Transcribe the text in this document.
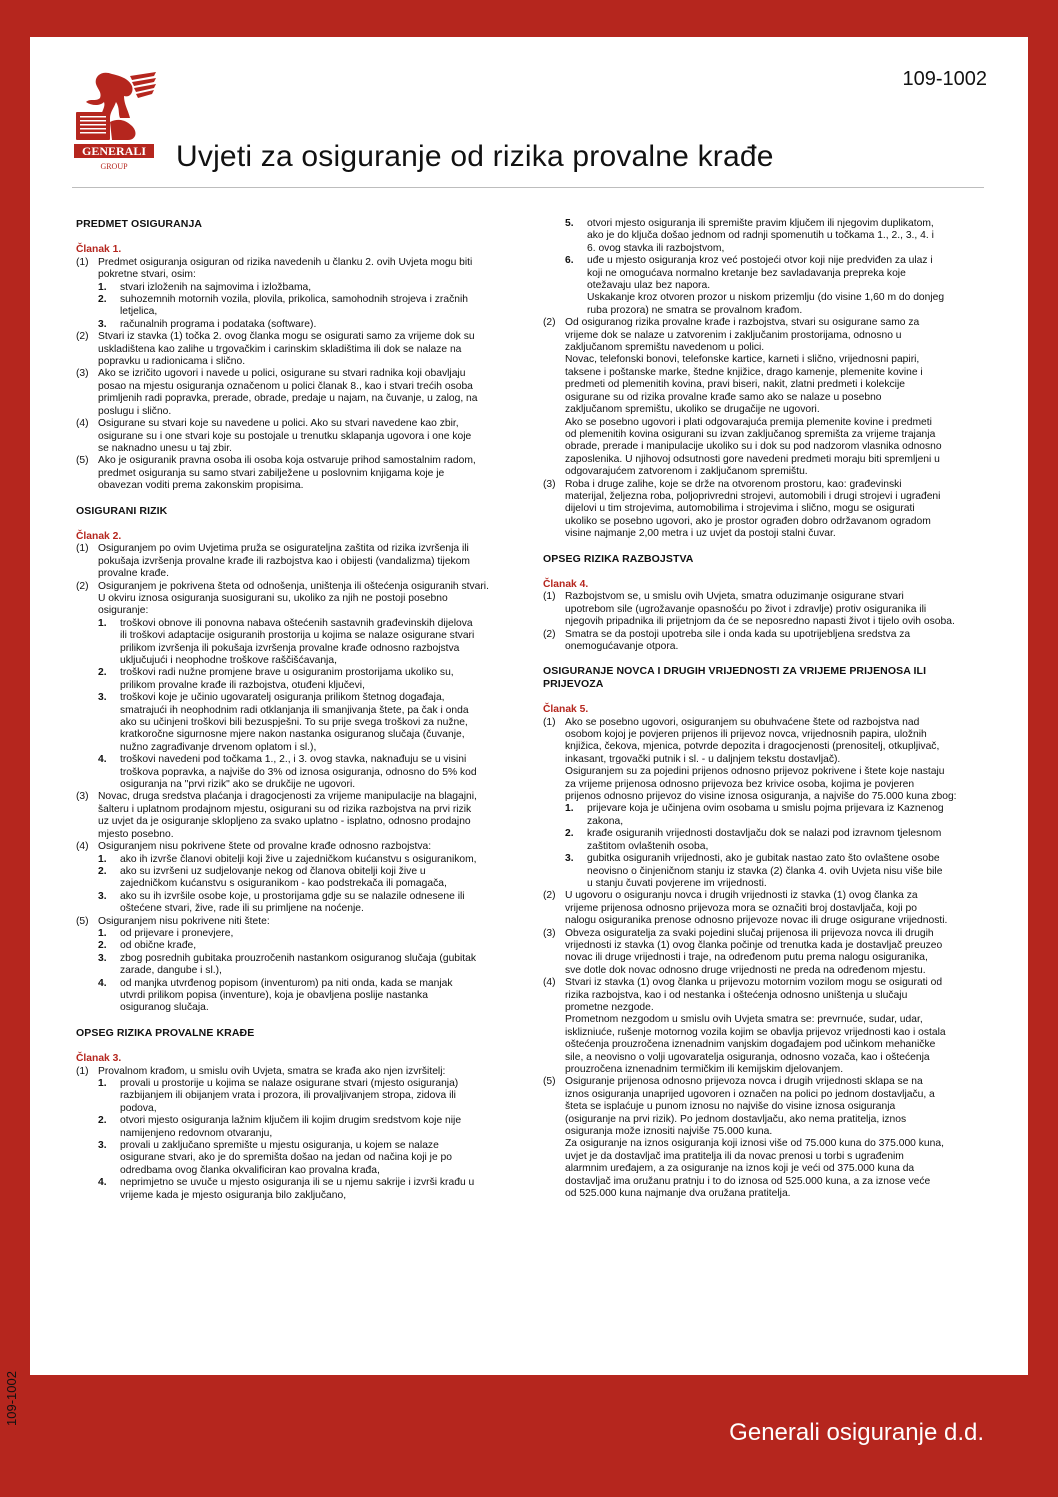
GENERALI
GROUP
109-1002
Uvjeti za osiguranje od rizika provalne krađe
PREDMET OSIGURANJA
Članak 1.
(1) Predmet osiguranja osiguran od rizika navedenih u članku 2. ovih Uvjeta mogu biti
pokretne stvari, osim:
1. stvari izloženih na sajmovima i izložbama,
2. suhozemnih motornih vozila, plovila, prikolica, samohodnih strojeva i zračnih
letjelica,
3. računalnih programa i podataka (software).
(2) Stvari iz stavka (1) točka 2. ovog članka mogu se osigurati samo za vrijeme dok su
uskladištena kao zalihe u trgovačkim i carinskim skladištima ili dok se nalaze na
popravku u radionicama i slično.
(3) Ako se izričito ugovori i navede u polici, osigurane su stvari radnika koji obavljaju
posao na mjestu osiguranja označenom u polici članak 8., kao i stvari trećih osoba
primljenih radi popravka, prerade, obrade, predaje u najam, na čuvanje, u zalog, na
poslugu i slično.
(4) Osigurane su stvari koje su navedene u polici. Ako su stvari navedene kao zbir,
osigurane su i one stvari koje su postojale u trenutku sklapanja ugovora i one koje
se naknadno unesu u taj zbir.
(5) Ako je osiguranik pravna osoba ili osoba koja ostvaruje prihod samostalnim radom,
predmet osiguranja su samo stvari zabilježene u poslovnim knjigama koje je
obavezan voditi prema zakonskim propisima.
OSIGURANI RIZIK
Članak 2.
(1) Osiguranjem po ovim Uvjetima pruža se osigurateljna zaštita od rizika izvršenja ili
pokušaja izvršenja provalne krađe ili razbojstva kao i obijesti (vandalizma) tijekom
provalne krađe.
(2) Osiguranjem je pokrivena šteta od odnošenja, uništenja ili oštećenja osiguranih stvari.
U okviru iznosa osiguranja suosigurani su, ukoliko za njih ne postoji posebno
osiguranje:
1. troškovi obnove ili ponovna nabava oštećenih sastavnih građevinskih dijelova
ili troškovi adaptacije osiguranih prostorija u kojima se nalaze osigurane stvari
prilikom izvršenja ili pokušaja izvršenja provalne krađe odnosno razbojstva
uključujući i neophodne troškove raščišćavanja,
2. troškovi radi nužne promjene brave u osiguranim prostorijama ukoliko su,
prilikom provalne krađe ili razbojstva, otuđeni ključevi,
3. troškovi koje je učinio ugovaratelj osiguranja prilikom štetnog događaja,
smatrajući ih neophodnim radi otklanjanja ili smanjivanja štete, pa čak i onda
ako su učinjeni troškovi bili bezuspješni. To su prije svega troškovi za nužne,
kratkoročne sigurnosne mjere nakon nastanka osiguranog slučaja (čuvanje,
nužno zagrađivanje drvenom oplatom i sl.),
4. troškovi navedeni pod točkama 1., 2., i 3. ovog stavka, naknađuju se u visini
troškova popravka, a najviše do 3% od iznosa osiguranja, odnosno do 5% kod
osiguranja na "prvi rizik" ako se drukčije ne ugovori.
(3) Novac, druga sredstva plaćanja i dragocjenosti za vrijeme manipulacije na blagajni,
šalteru i uplatnom prodajnom mjestu, osigurani su od rizika razbojstva na prvi rizik
uz uvjet da je osiguranje sklopljeno za svako uplatno - isplatno, odnosno prodajno
mjesto posebno.
(4) Osiguranjem nisu pokrivene štete od provalne krađe odnosno razbojstva:
1. ako ih izvrše članovi obitelji koji žive u zajedničkom kućanstvu s osiguranikom,
2. ako su izvršeni uz sudjelovanje nekog od članova obitelji koji žive u
zajedničkom kućanstvu s osiguranikom - kao podstrekača ili pomagača,
3. ako su ih izvršile osobe koje, u prostorijama gdje su se nalazile odnesene ili
oštećene stvari, žive, rade ili su primljene na noćenje.
(5) Osiguranjem nisu pokrivene niti štete:
1. od prijevare i pronevjere,
2. od obične krađe,
3. zbog posrednih gubitaka prouzročenih nastankom osiguranog slučaja (gubitak
zarade, dangube i sl.),
4. od manjka utvrđenog popisom (inventurom) pa niti onda, kada se manjak
utvrdi prilikom popisa (inventure), koja je obavljena poslije nastanka
osiguranog slučaja.
OPSEG RIZIKA PROVALNE KRAĐE
Članak 3.
(1) Provalnom krađom, u smislu ovih Uvjeta, smatra se krađa ako njen izvršitelj:
1. provali u prostorije u kojima se nalaze osigurane stvari (mjesto osiguranja)
razbijanjem ili obijanjem vrata i prozora, ili provaljivanjem stropa, zidova ili
podova,
2. otvori mjesto osiguranja lažnim ključem ili kojim drugim sredstvom koje nije
namijenjeno redovnom otvaranju,
3. provali u zaključano spremište u mjestu osiguranja, u kojem se nalaze
osigurane stvari, ako je do spremišta došao na jedan od načina koji je po
odredbama ovog članka okvalificiran kao provalna krađa,
4. neprimjetno se uvuče u mjesto osiguranja ili se u njemu sakrije i izvrši krađu u
vrijeme kada je mjesto osiguranja bilo zaključano,
5. otvori mjesto osiguranja ili spremište pravim ključem ili njegovim duplikatom,
ako je do ključa došao jednom od radnji spomenutih u točkama 1., 2., 3., 4. i
6. ovog stavka ili razbojstvom,
6. uđe u mjesto osiguranja kroz već postojeći otvor koji nije predviđen za ulaz i
koji ne omogućava normalno kretanje bez savladavanja prepreka koje
otežavaju ulaz bez napora.
Uskakanje kroz otvoren prozor u niskom prizemlju (do visine 1,60 m do donjeg
ruba prozora) ne smatra se provalnom krađom.
(2) Od osiguranog rizika provalne krađe i razbojstva, stvari su osigurane samo za
vrijeme dok se nalaze u zatvorenim i zaključanim prostorijama, odnosno u
zaključanom spremištu navedenom u polici.
Novac, telefonski bonovi, telefonske kartice, karneti i slično, vrijednosni papiri,
taksene i poštanske marke, štedne knjižice, drago kamenje, plemenite kovine i
predmeti od plemenitih kovina, pravi biseri, nakit, zlatni predmeti i kolekcije
osigurane su od rizika provalne krađe samo ako se nalaze u posebno
zaključanom spremištu, ukoliko se drugačije ne ugovori.
Ako se posebno ugovori i plati odgovarajuća premija plemenite kovine i predmeti
od plemenitih kovina osigurani su izvan zaključanog spremišta za vrijeme trajanja
obrade, prerade i manipulacije ukoliko su i dok su pod nadzorom vlasnika odnosno
zaposlenika. U njihovoj odsutnosti gore navedeni predmeti moraju biti spremljeni u
odgovarajućem zatvorenom i zaključanom spremištu.
(3) Roba i druge zalihe, koje se drže na otvorenom prostoru, kao: građevinski
materijal, željezna roba, poljoprivredni strojevi, automobili i drugi strojevi i ugrađeni
dijelovi u tim strojevima, automobilima i strojevima i slično, mogu se osigurati
ukoliko se posebno ugovori, ako je prostor ograđen dobro održavanom ogradom
visine najmanje 2,00 metra i uz uvjet da postoji stalni čuvar.
OPSEG RIZIKA RAZBOJSTVA
Članak 4.
(1) Razbojstvom se, u smislu ovih Uvjeta, smatra oduzimanje osigurane stvari
upotrebom sile (ugrožavanje opasnošću po život i zdravlje) protiv osiguranika ili
njegovih pripadnika ili prijetnjom da će se neposredno napasti život i tijelo ovih osoba.
(2) Smatra se da postoji upotreba sile i onda kada su upotrijebljena sredstva za
onemogućavanje otpora.
OSIGURANJE NOVCA I DRUGIH VRIJEDNOSTI ZA VRIJEME PRIJENOSA ILI PRIJEVOZA
Članak 5.
(1) Ako se posebno ugovori, osiguranjem su obuhvaćene štete od razbojstva nad
osobom kojoj je povjeren prijenos ili prijevoz novca, vrijednosnih papira, uložnih
knjižica, čekova, mjenica, potvrde depozita i dragocjenosti (prenositelj, otkupljivač,
inkasant, trgovački putnik i sl. - u daljnjem tekstu dostavljač).
Osiguranjem su za pojedini prijenos odnosno prijevoz pokrivene i štete koje nastaju
za vrijeme prijenosa odnosno prijevoza bez krivice osoba, kojima je povjeren
prijenos odnosno prijevoz do visine iznosa osiguranja, a najviše do 75.000 kuna zbog:
1. prijevare koja je učinjena ovim osobama u smislu pojma prijevara iz Kaznenog
zakona,
2. krađe osiguranih vrijednosti dostavljaču dok se nalazi pod izravnom tjelesnom
zaštitom ovlaštenih osoba,
3. gubitka osiguranih vrijednosti, ako je gubitak nastao zato što ovlaštene osobe
neovisno o činjeničnom stanju iz stavka (2) članka 4. ovih Uvjeta nisu više bile
u stanju čuvati povjerene im vrijednosti.
(2) U ugovoru o osiguranju novca i drugih vrijednosti iz stavka (1) ovog članka za
vrijeme prijenosa odnosno prijevoza mora se označiti broj dostavljača, koji po
nalogu osiguranika prenose odnosno prijevoze novac ili druge osigurane vrijednosti.
(3) Obveza osiguratelja za svaki pojedini slučaj prijenosa ili prijevoza novca ili drugih
vrijednosti iz stavka (1) ovog članka počinje od trenutka kada je dostavljač preuzeo
novac ili druge vrijednosti i traje, na određenom putu prema nalogu osiguranika,
sve dotle dok novac odnosno druge vrijednosti ne preda na određenom mjestu.
(4) Stvari iz stavka (1) ovog članka u prijevozu motornim vozilom mogu se osigurati od
rizika razbojstva, kao i od nestanka i oštećenja odnosno uništenja u slučaju
prometne nezgode.
Prometnom nezgodom u smislu ovih Uvjeta smatra se: prevrnuće, sudar, udar,
isklizniuće, rušenje motornog vozila kojim se obavlja prijevoz vrijednosti kao i ostala
oštećenja prouzročena iznenadnim vanjskim događajem pod učinkom mehaničke
sile, a neovisno o volji ugovaratelja osiguranja, odnosno vozača, kao i oštećenja
prouzročena iznenadnim termičkim ili kemijskim djelovanjem.
(5) Osiguranje prijenosa odnosno prijevoza novca i drugih vrijednosti sklapa se na
iznos osiguranja unaprijed ugovoren i označen na polici po jednom dostavljaču, a
šteta se isplaćuje u punom iznosu no najviše do visine iznosa osiguranja
(osiguranje na prvi rizik). Po jednom dostavljaču, ako nema pratitelja, iznos
osiguranja može iznositi najviše 75.000 kuna.
Za osiguranje na iznos osiguranja koji iznosi više od 75.000 kuna do 375.000 kuna,
uvjet je da dostavljač ima pratitelja ili da novac prenosi u torbi s ugrađenim
alarmnim uređajem, a za osiguranje na iznos koji je veći od 375.000 kuna da
dostavljač ima oružanu pratnju i to do iznosa od 525.000 kuna, a za iznose veće
od 525.000 kuna najmanje dva oružana pratitelja.
Generali osiguranje d.d.
109-1002
